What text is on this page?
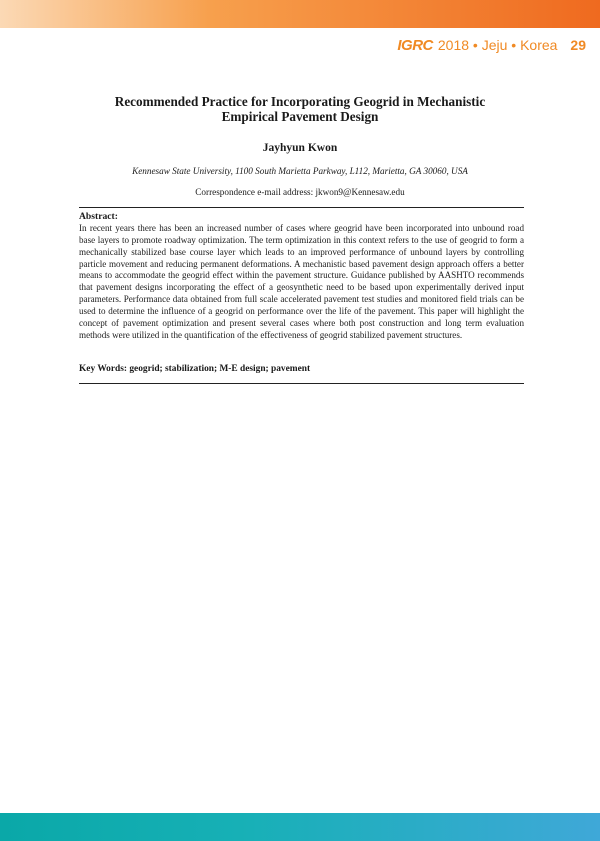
IGRC 2018 • Jeju • Korea 29
Recommended Practice for Incorporating Geogrid in Mechanistic
Empirical Pavement Design
Jayhyun Kwon
Kennesaw State University, 1100 South Marietta Parkway, L112, Marietta, GA 30060, USA
Correspondence e-mail address: jkwon9@Kennesaw.edu
Abstract:
In recent years there has been an increased number of cases where geogrid have been incorporated into unbound road base layers to promote roadway optimization. The term optimization in this context refers to the use of geogrid to form a mechanically stabilized base course layer which leads to an improved performance of unbound layers by controlling particle movement and reducing permanent deformations. A mechanistic based pavement design approach offers a better means to accommodate the geogrid effect within the pavement structure. Guidance published by AASHTO recommends that pavement designs incorporating the effect of a geosynthetic need to be based upon experimentally derived input parameters. Performance data obtained from full scale accelerated pavement test studies and monitored field trials can be used to determine the influence of a geogrid on performance over the life of the pavement. This paper will highlight the concept of pavement optimization and present several cases where both post construction and long term evaluation methods were utilized in the quantification of the effectiveness of geogrid stabilized pavement structures.
Key Words: geogrid; stabilization; M-E design; pavement
